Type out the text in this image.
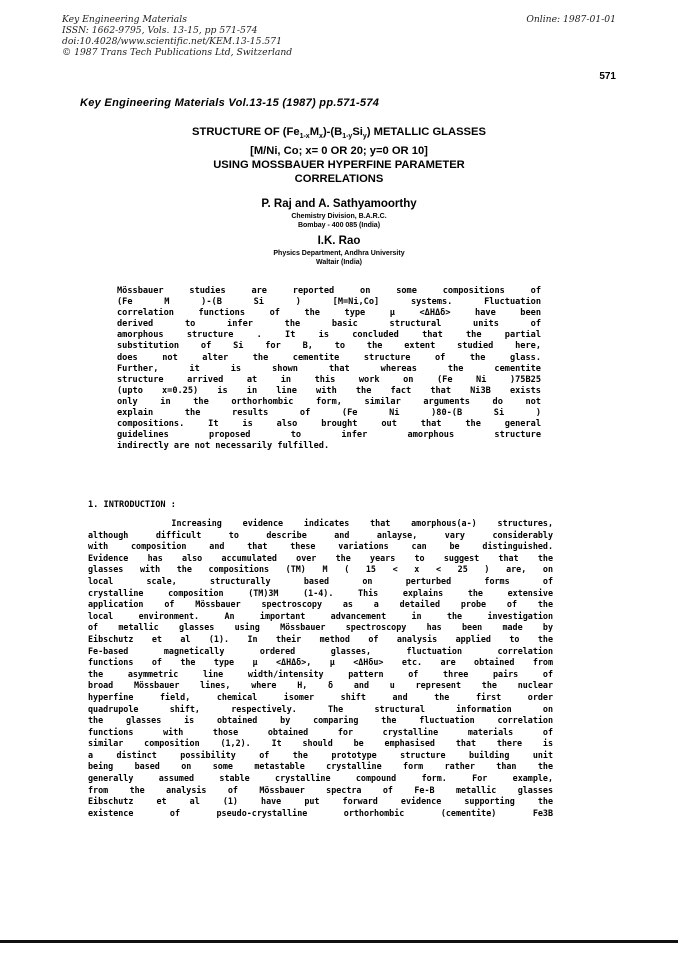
Key Engineering Materials
ISSN: 1662-9795, Vols. 13-15, pp 571-574
doi:10.4028/www.scientific.net/KEM.13-15.571
© 1987 Trans Tech Publications Ltd, Switzerland
Online: 1987-01-01
571
Key Engineering Materials Vol.13-15 (1987) pp.571-574
STRUCTURE OF $(Fe_{1-x}M_x)-(B_{1-y}Si_y)$ METALLIC GLASSES
[M/Ni, Co; x= 0 OR 20; y=0 OR 10]
USING MOSSBAUER HYPERFINE PARAMETER
CORRELATIONS
P. Raj and A. Sathyamoorthy
Chemistry Division, B.A.R.C.
Bombay - 400 085 (India)
I.K. Rao
Physics Department, Andhra University
Waltair (India)
Mössbauer studies are reported on some compositions of
(Fe M )-(B Si ) [M=Ni,Co] systems. Fluctuation
correlation functions of the type μ <ΔHΔδ> have been
derived to infer the basic structural units of
amorphous structure . It is concluded that the partial
substitution of Si for B, to the extent studied here,
does not alter the cementite structure of the glass.
Further, it is shown that whereas the cementite
structure arrived at in this work on (Fe Ni )75B25
(upto x=0.25) is in line with the fact that Ni3B exists
only in the orthorhombic form, similar arguments do not
explain the results of (Fe Ni )80-(B Si )
compositions. It is also brought out that the general
guidelines proposed to infer amorphous structure
indirectly are not necessarily fulfilled.
1. INTRODUCTION :
Increasing evidence indicates that amorphous(a-) structures,
although difficult to describe and anlayse, vary considerably
with composition and that these variations can be distinguished.
Evidence has also accumulated over the years to suggest that the
glasses with the compositions (TM) M ( 15 < x < 25 ) are, on
local scale, structurally based on perturbed forms of
crystalline composition (TM)3M (1-4). This explains the extensive
application of Mössbauer spectroscopy as a detailed probe of the
local environment. An important advancement in the investigation
of metallic glasses using Mössbauer spectroscopy has been made by
Eibschutz et al (1). In their method of analysis applied to the
Fe-based magnetically ordered glasses, fluctuation correlation
functions of the type μ <ΔHΔδ>, μ <ΔHδu> etc. are obtained from
the asymmetric line width/intensity pattern of three pairs of
broad Mössbauer lines, where H, δ and u represent the nuclear
hyperfine field, chemical isomer shift and the first order
quadrupole shift, respectively. The structural information on
the glasses is obtained by comparing the fluctuation correlation
functions with those obtained for crystalline materials of
similar composition (1,2). It should be emphasised that there is
a distinct possibility of the prototype structure building unit
being based on some metastable crystalline form rather than the
generally assumed stable crystalline compound form. For example,
from the analysis of Mössbauer spectra of Fe-B metallic glasses
Eibschutz et al (1) have put forward evidence supporting the
existence of pseudo-crystalline orthorhombic (cementite) Fe3B
